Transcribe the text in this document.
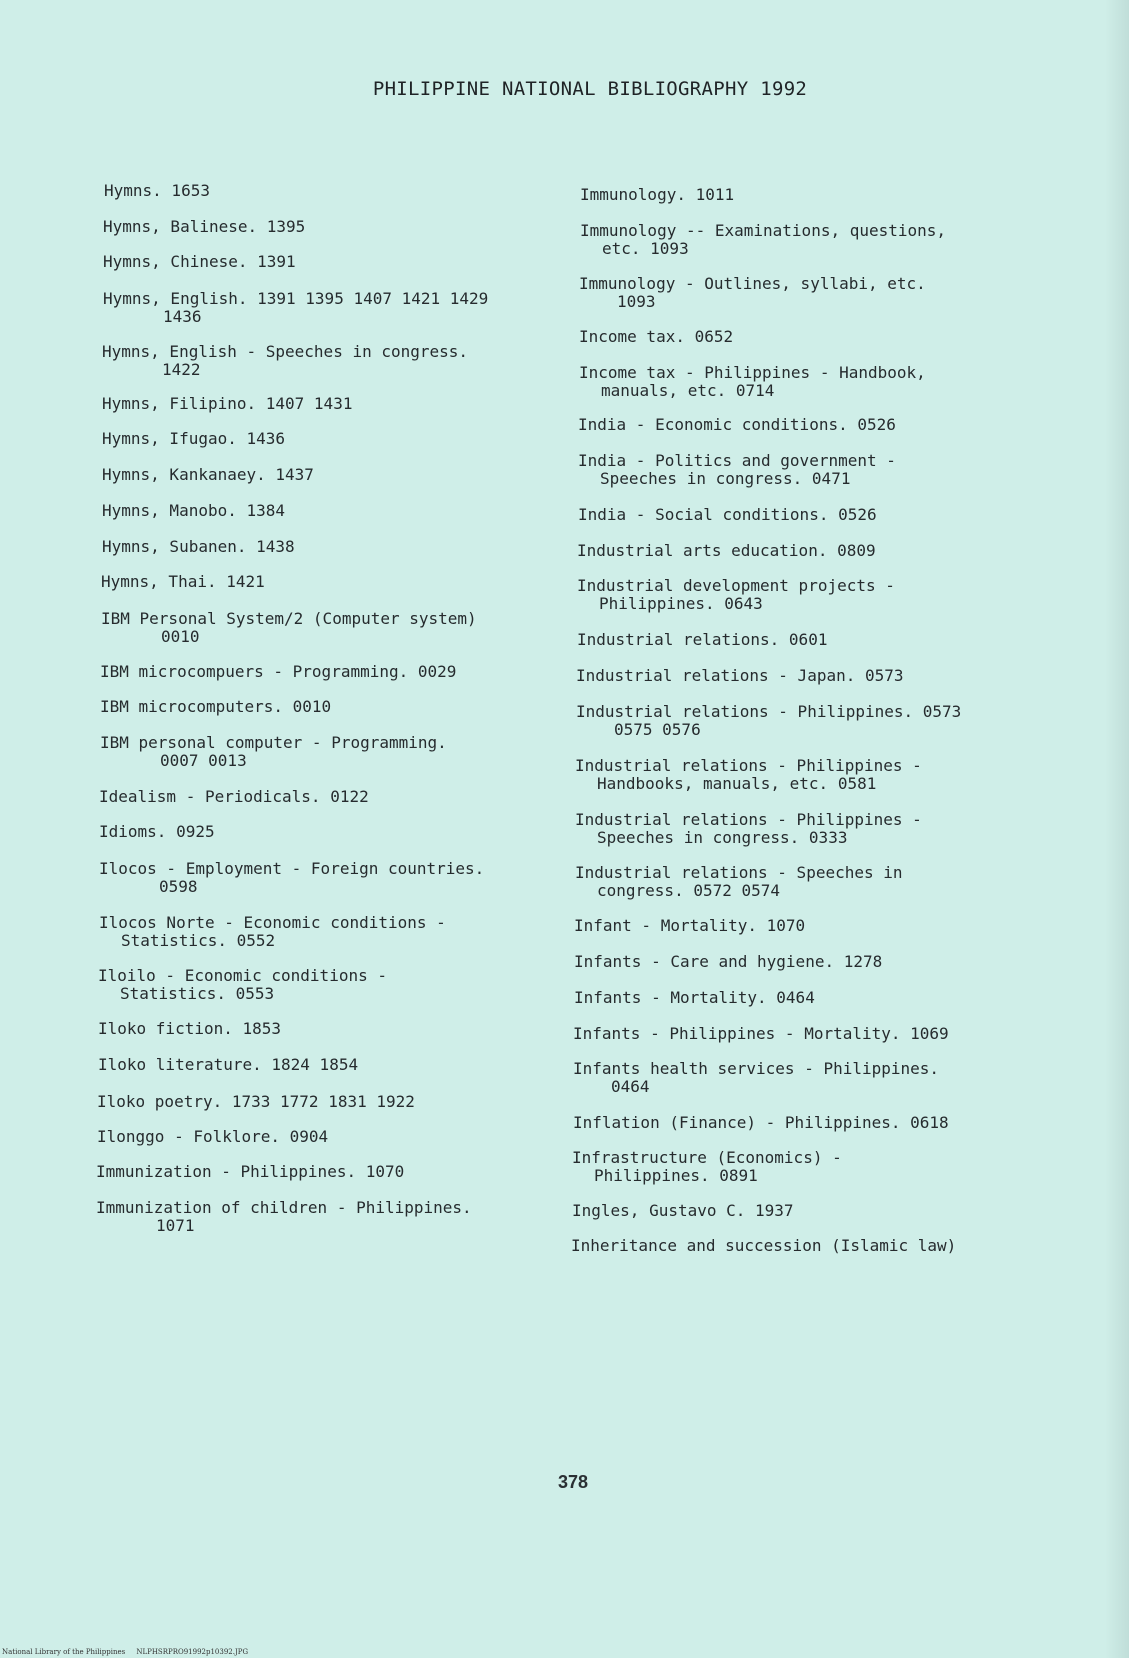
PHILIPPINE NATIONAL BIBLIOGRAPHY 1992
Hymns. 1653
Hymns, Balinese. 1395
Hymns, Chinese. 1391
Hymns, English. 1391 1395 1407 1421 1429
1436
Hymns, English - Speeches in congress.
1422
Hymns, Filipino. 1407 1431
Hymns, Ifugao. 1436
Hymns, Kankanaey. 1437
Hymns, Manobo. 1384
Hymns, Subanen. 1438
Hymns, Thai. 1421
IBM Personal System/2 (Computer system)
0010
IBM microcompuers - Programming. 0029
IBM microcomputers. 0010
IBM personal computer - Programming.
0007 0013
Idealism - Periodicals. 0122
Idioms. 0925
Ilocos - Employment - Foreign countries.
0598
Ilocos Norte - Economic conditions -
Statistics. 0552
Iloilo - Economic conditions -
Statistics. 0553
Iloko fiction. 1853
Iloko literature. 1824 1854
Iloko poetry. 1733 1772 1831 1922
Ilonggo - Folklore. 0904
Immunization - Philippines. 1070
Immunization of children - Philippines.
1071
Immunology. 1011
Immunology -- Examinations, questions,
etc. 1093
Immunology - Outlines, syllabi, etc.
1093
Income tax. 0652
Income tax - Philippines - Handbook,
manuals, etc. 0714
India - Economic conditions. 0526
India - Politics and government -
Speeches in congress. 0471
India - Social conditions. 0526
Industrial arts education. 0809
Industrial development projects -
Philippines. 0643
Industrial relations. 0601
Industrial relations - Japan. 0573
Industrial relations - Philippines. 0573
0575 0576
Industrial relations - Philippines -
Handbooks, manuals, etc. 0581
Industrial relations - Philippines -
Speeches in congress. 0333
Industrial relations - Speeches in
congress. 0572 0574
Infant - Mortality. 1070
Infants - Care and hygiene. 1278
Infants - Mortality. 0464
Infants - Philippines - Mortality. 1069
Infants health services - Philippines.
0464
Inflation (Finance) - Philippines. 0618
Infrastructure (Economics) -
Philippines. 0891
Ingles, Gustavo C. 1937
Inheritance and succession (Islamic law)
378
National Library of the Philippines     NLPHSRPRO91992p10392.JPG
